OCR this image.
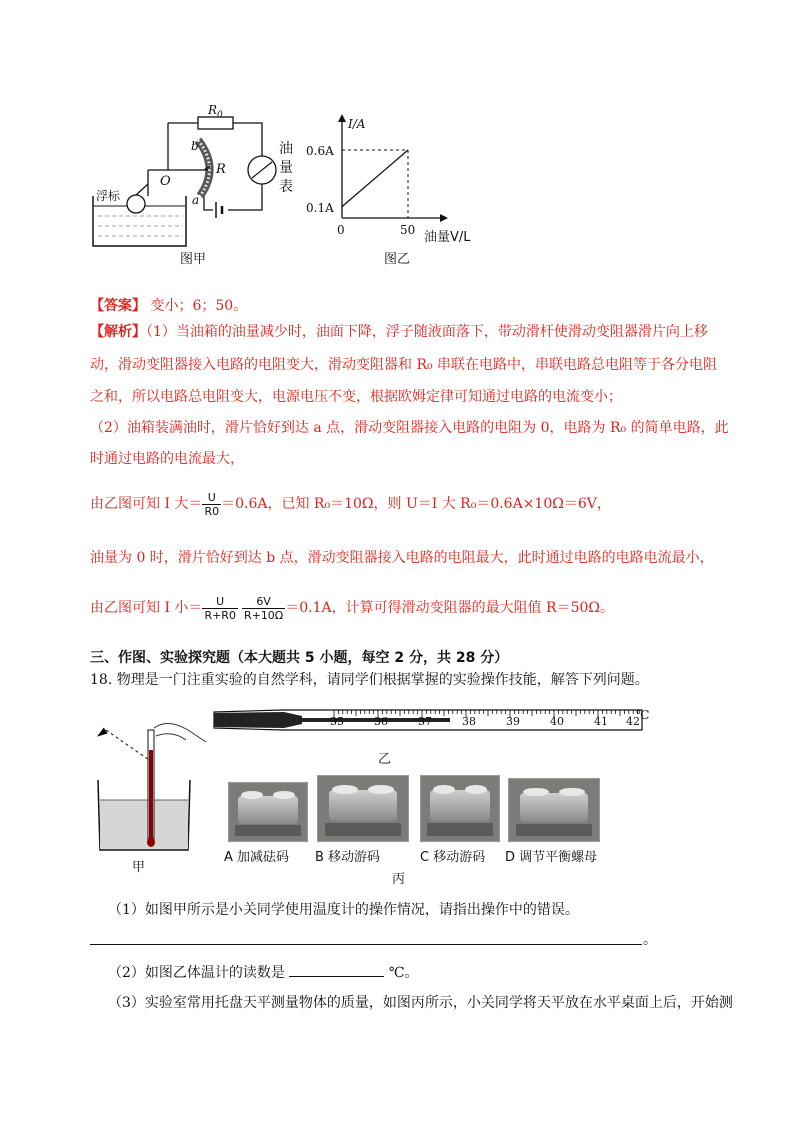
$R_0$
b
O
R
a
浮标
油
量
表
图甲
I/A
0.6A
0.1A
0	50 油量V/L
图乙
【答案】 变小；6；50。
【解析】（1）当油箱的油量减少时，油面下降，浮子随液面落下，带动滑杆使滑动变阻器滑片向上移
动，滑动变阻器接入电路的电阻变大，滑动变阻器和 R₀ 串联在电路中，串联电路总电阻等于各分电阻
之和，所以电路总电阻变大，电源电压不变，根据欧姆定律可知通过电路的电流变小；
（2）油箱装满油时，滑片恰好到达 a 点，滑动变阻器接入电路的电阻为 0，电路为 R₀ 的简单电路，此
时通过电路的电流最大，
由乙图可知 I 大＝ $\frac{U}{R0} =0.6A$，已知 R₀＝10Ω，则 U＝I 大 R₀＝0.6A×10Ω＝6V，
油量为 0 时，滑片恰好到达 b 点，滑动变阻器接入电路的电阻最大，此时通过电路的电路电流最小，
由乙图可知 I 小＝ $\frac{U}{R+R0} \frac{6V}{R+10\Omega} =0.1A$，计算可得滑动变阻器的最大阻值 R＝50Ω。
三、作图、实验探究题（本大题共 5 小题，每空 2 分，共 28 分）
18. 物理是一门注重实验的自然学科，请同学们根据掌握的实验操作技能，解答下列问题。
◄
甲
35	36	37	38	39	40	41 42
℃
乙
A 加减砝码 B 移动游码	C 移动游码 D 调节平衡螺母
丙
（1）如图甲所示是小关同学使用温度计的操作情况，请指出操作中的错误。
。
（2）如图乙体温计的读数是	℃。
（3）实验室常用托盘天平测量物体的质量，如图丙所示，小关同学将天平放在水平桌面上后，开始测
